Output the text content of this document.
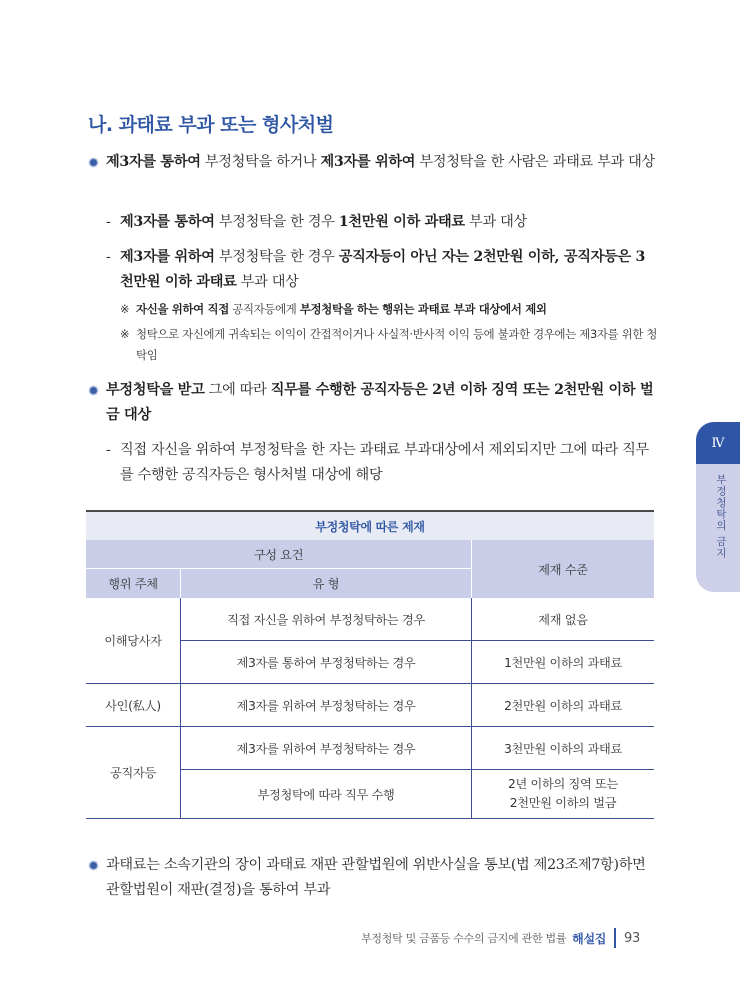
나. 과태료 부과 또는 형사처벌
제3자를 통하여 부정청탁을 하거나 제3자를 위하여 부정청탁을 한 사람은 과태료 부과 대상
- 제3자를 통하여 부정청탁을 한 경우 1천만원 이하 과태료 부과 대상
- 제3자를 위하여 부정청탁을 한 경우 공직자등이 아닌 자는 2천만원 이하, 공직자등은 3천만원 이하 과태료 부과 대상
※ 자신을 위하여 직접 공직자등에게 부정청탁을 하는 행위는 과태료 부과 대상에서 제외
※ 청탁으로 자신에게 귀속되는 이익이 간접적이거나 사실적·반사적 이익 등에 불과한 경우에는 제3자를 위한 청탁임
부정청탁을 받고 그에 따라 직무를 수행한 공직자등은 2년 이하 징역 또는 2천만원 이하 벌금 대상
- 직접 자신을 위하여 부정청탁을 한 자는 과태료 부과대상에서 제외되지만 그에 따라 직무를 수행한 공직자등은 형사처벌 대상에 해당
Ⅳ
부정청탁의 금지
부정청탁에 따른 제재
구성 요건
제재 수준
행위 주체	유 형
이해당사자
사인(私人)
공직자등
직접 자신을 위하여 부정청탁하는 경우
제3자를 통하여 부정청탁하는 경우
제3자를 위하여 부정청탁하는 경우
제3자를 위하여 부정청탁하는 경우
부정청탁에 따라 직무 수행
제재 없음
1천만원 이하의 과태료
2천만원 이하의 과태료
3천만원 이하의 과태료
2년 이하의 징역 또는
2천만원 이하의 벌금
과태료는 소속기관의 장이 과태료 재판 관할법원에 위반사실을 통보(법 제23조제7항)하면 관할법원이 재판(결정)을 통하여 부과
부정청탁 및 금품등 수수의 금지에 관한 법률 해설집 93
